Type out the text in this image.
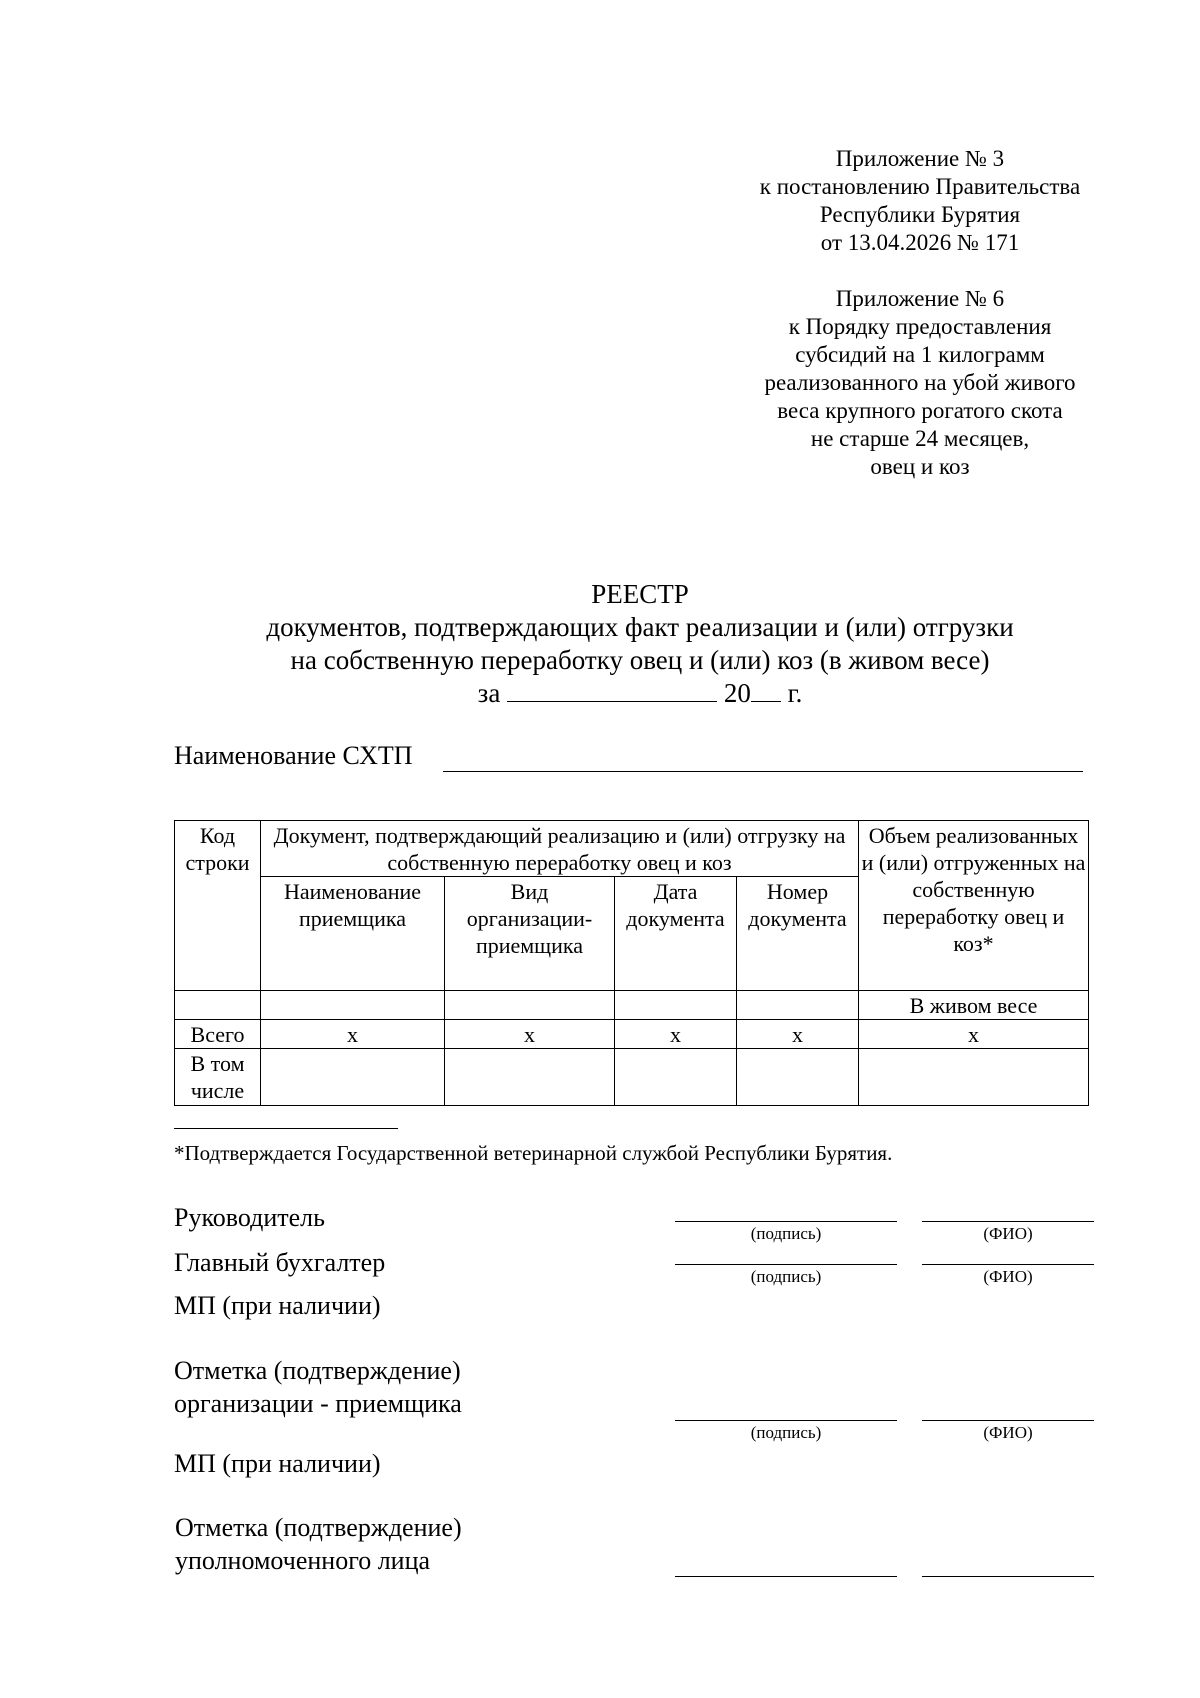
Приложение № 3
к постановлению Правительства
Республики Бурятия
от 13.04.2026 № 171
Приложение № 6
к Порядку предоставления
субсидий на 1 килограмм
реализованного на убой живого
веса крупного рогатого скота
не старше 24 месяцев,
овец и коз
РЕЕСТР
документов, подтверждающих факт реализации и (или) отгрузки
на собственную переработку овец и (или) коз (в живом весе)
за	20 г.
Наименование СХТП
Код строки	Документ, подтверждающий реализацию и (или) отгрузку на собственную переработку овец и коз				Объем реализованных и (или) отгруженных на собственную переработку овец и коз*
	Наименование приемщика	Вид организации-приемщика	Дата документа	Номер документа	
					В живом весе
Всего	x	x	x	x	x
В том числе					
*Подтверждается Государственной ветеринарной службой Республики Бурятия.
Руководитель
(подпись)	(ФИО)
Главный бухгалтер	(подпись)	(ФИО)
МП (при наличии)
Отметка (подтверждение)
организации - приемщика
(подпись)	(ФИО)
МП (при наличии)
Отметка (подтверждение)
уполномоченного лица
